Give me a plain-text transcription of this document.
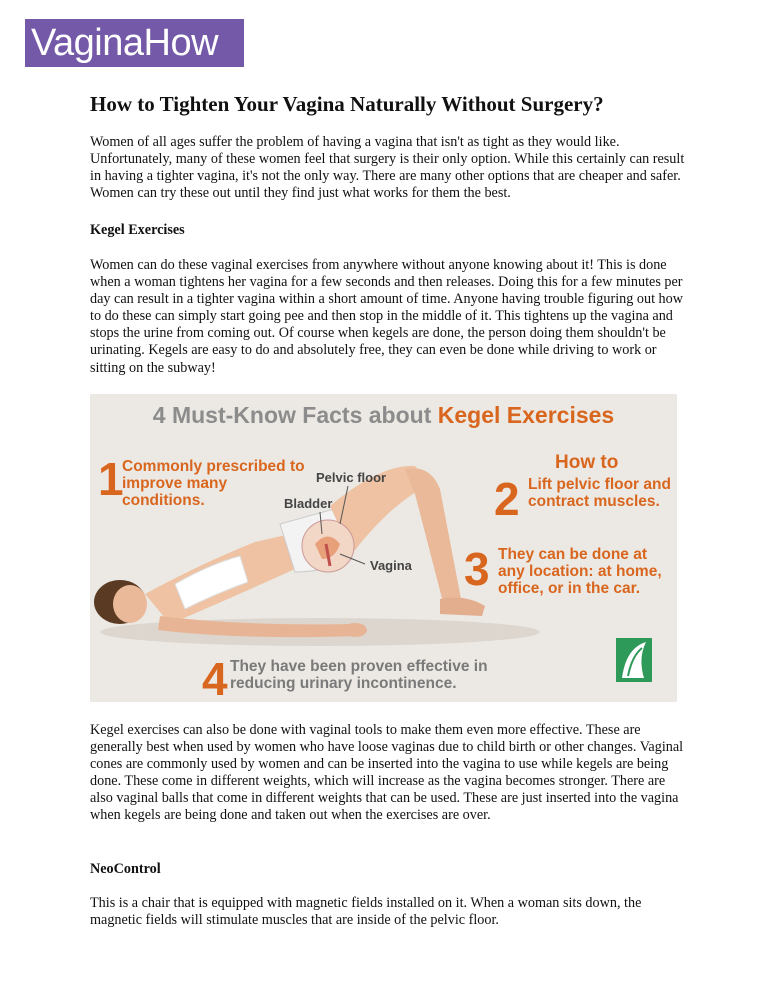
VaginaHow
How to Tighten Your Vagina Naturally Without Surgery?

Women of all ages suffer the problem of having a vagina that isn't as tight as they would like. Unfortunately, many of these women feel that surgery is their only option. While this certainly can result in having a tighter vagina, it's not the only way. There are many other options that are cheaper and safer. Women can try these out until they find just what works for them the best.

Kegel Exercises

Women can do these vaginal exercises from anywhere without anyone knowing about it! This is done when a woman tightens her vagina for a few seconds and then releases. Doing this for a few minutes per day can result in a tighter vagina within a short amount of time. Anyone having trouble figuring out how to do these can simply start going pee and then stop in the middle of it. This tightens up the vagina and stops the urine from coming out. Of course when kegels are done, the person doing them shouldn't be urinating. Kegels are easy to do and absolutely free, they can even be done while driving to work or sitting on the subway!

4 Must-Know Facts about Kegel Exercises
1
Commonly prescribed to improve many conditions.
How to
2 Lift pelvic floor and contract muscles.
3 They can be done at any location: at home, office, or in the car.
4 They have been proven effective in reducing urinary incontinence.
Pelvic floor
Bladder
Vagina

Kegel exercises can also be done with vaginal tools to make them even more effective. These are generally best when used by women who have loose vaginas due to child birth or other changes. Vaginal cones are commonly used by women and can be inserted into the vagina to use while kegels are being done. These come in different weights, which will increase as the vagina becomes stronger. There are also vaginal balls that come in different weights that can be used. These are just inserted into the vagina when kegels are being done and taken out when the exercises are over.

NeoControl

This is a chair that is equipped with magnetic fields installed on it. When a woman sits down, the magnetic fields will stimulate muscles that are inside of the pelvic floor.
